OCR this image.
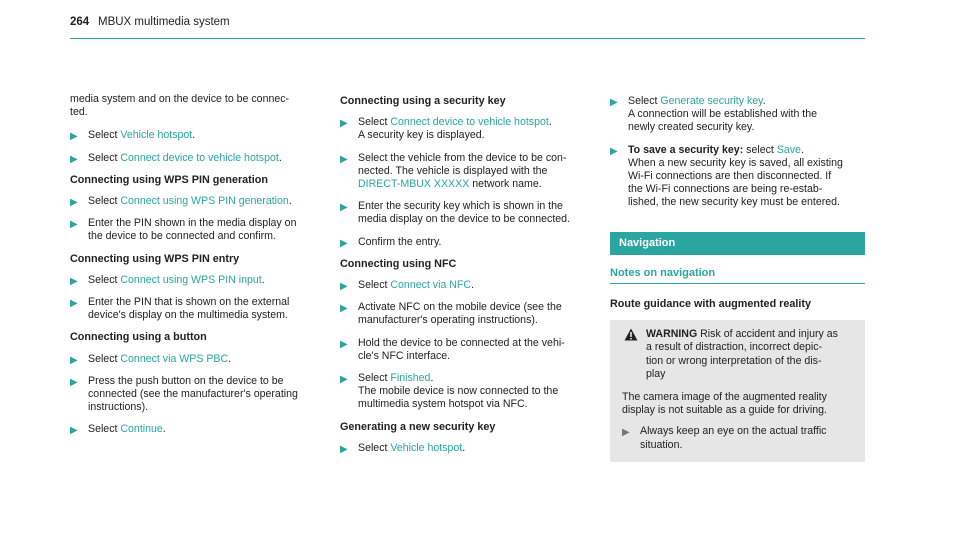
264 MBUX multimedia system

media system and on the device to be connec-
ted.

▶ Select Vehicle hotspot.
▶ Select Connect device to vehicle hotspot.
Connecting using WPS PIN generation
▶ Select Connect using WPS PIN generation.
▶ Enter the PIN shown in the media display on
the device to be connected and confirm.
Connecting using WPS PIN entry
▶ Select Connect using WPS PIN input.
▶ Enter the PIN that is shown on the external
device's display on the multimedia system.
Connecting using a button
▶ Select Connect via WPS PBC.
▶ Press the push button on the device to be
connected (see the manufacturer's operating
instructions).
▶ Select Continue.
Connecting using a security key
▶ Select Connect device to vehicle hotspot.
A security key is displayed.
▶ Select the vehicle from the device to be con-
nected. The vehicle is displayed with the
DIRECT-MBUX XXXXX network name.
▶ Enter the security key which is shown in the
media display on the device to be connected.
▶ Confirm the entry.
Connecting using NFC
▶ Select Connect via NFC.
▶ Activate NFC on the mobile device (see the
manufacturer's operating instructions).
▶ Hold the device to be connected at the vehi-
cle's NFC interface.
▶ Select Finished.
The mobile device is now connected to the
multimedia system hotspot via NFC.
Generating a new security key
▶ Select Vehicle hotspot.
▶ Select Generate security key.
A connection will be established with the
newly created security key.
▶ To save a security key: select Save.
When a new security key is saved, all existing
Wi-Fi connections are then disconnected. If
the Wi-Fi connections are being re-estab-
lished, the new security key must be entered.
Navigation
Notes on navigation
Route guidance with augmented reality
WARNING Risk of accident and injury as
a result of distraction, incorrect depic-
tion or wrong interpretation of the dis-
play

The camera image of the augmented reality
display is not suitable as a guide for driving.

▶ Always keep an eye on the actual traffic
situation.
